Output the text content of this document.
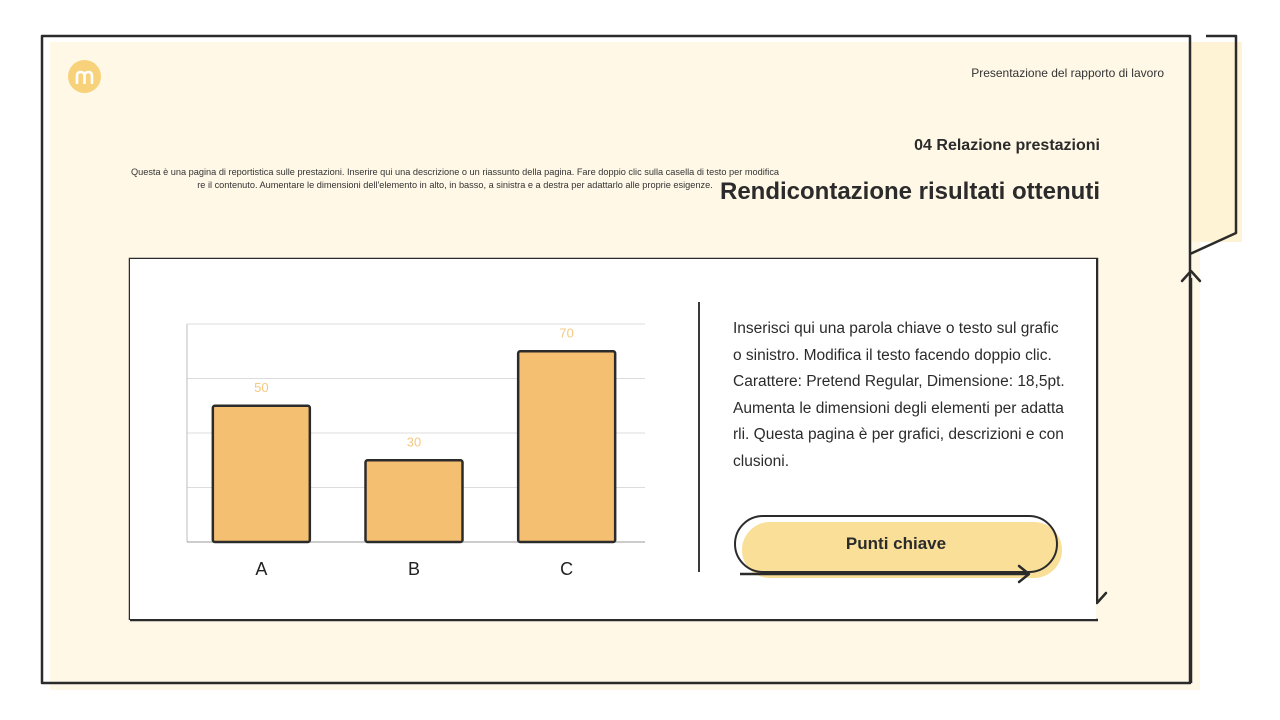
Presentazione del rapporto di lavoro
04 Relazione prestazioni
Questa è una pagina di reportistica sulle prestazioni. Inserire qui una descrizione o un riassunto della pagina. Fare doppio clic sulla casella di testo per modificare il contenuto. Aumentare le dimensioni dell'elemento in alto, in basso, a sinistra e a destra per adattarlo alle proprie esigenze. Rendicontazione risultati ottenuti
50
A
30
B
70
C
Inserisci qui una parola chiave o testo sul grafico sinistro. Modifica il testo facendo doppio clic. Carattere: Pretend Regular, Dimensione: 18,5pt. Aumenta le dimensioni degli elementi per adattarli. Questa pagina è per grafici, descrizioni e conclusioni.
Punti chiave
